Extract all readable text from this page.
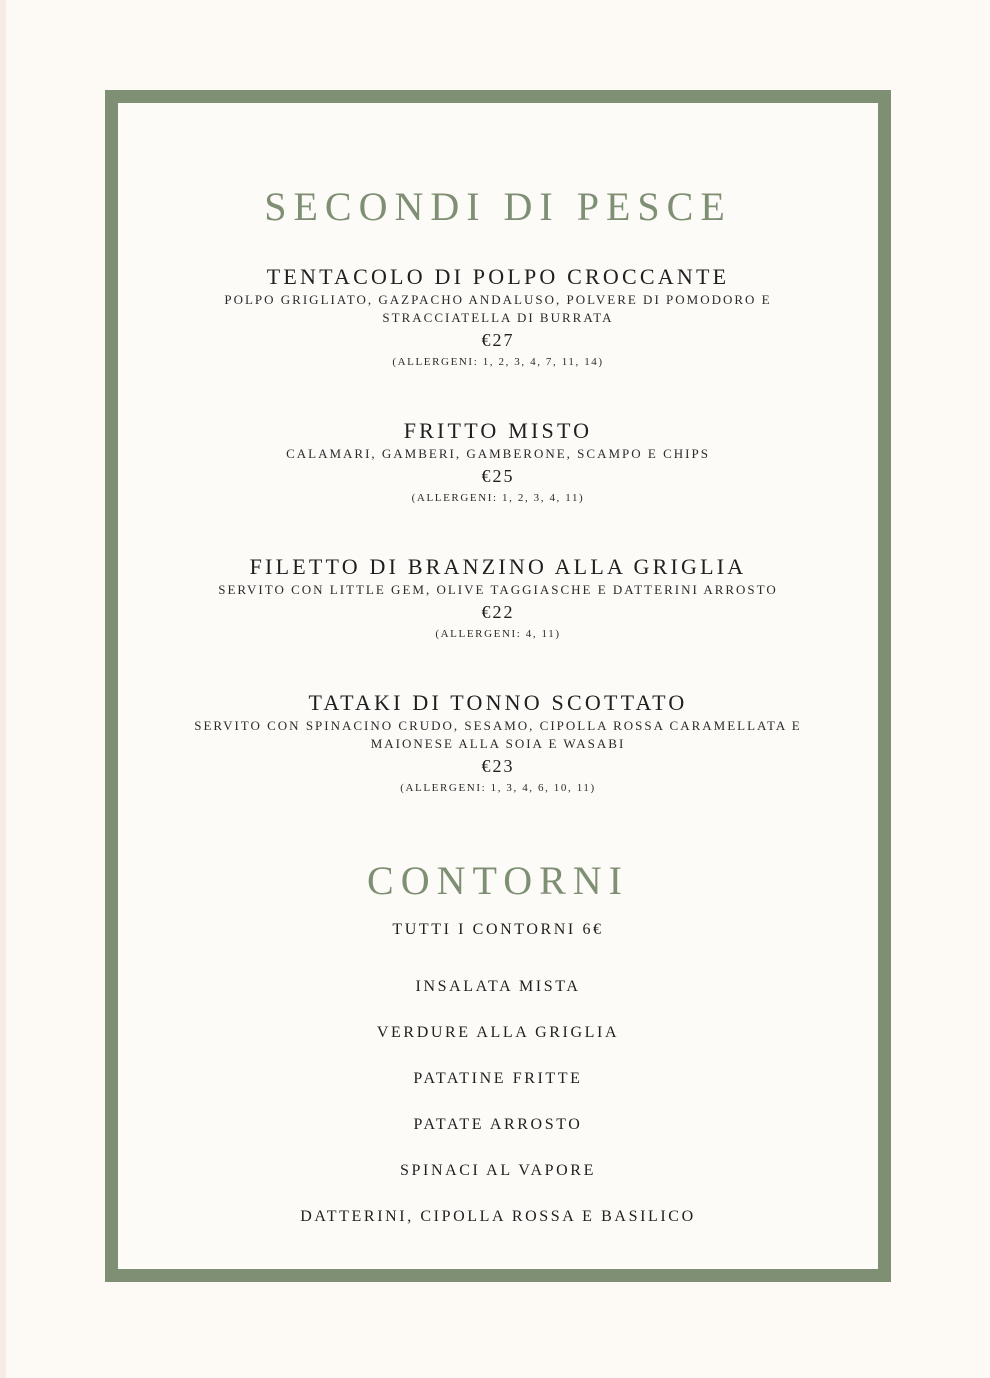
SECONDI DI PESCE

TENTACOLO DI POLPO CROCCANTE

POLPO GRIGLIATO, GAZPACHO ANDALUSO, POLVERE DI POMODORO E STRACCIATELLA DI BURRATA

€27

(ALLERGENI: 1, 2, 3, 4, 7, 11, 14)

FRITTO MISTO

CALAMARI, GAMBERI, GAMBERONE, SCAMPO E CHIPS

€25

(ALLERGENI: 1, 2, 3, 4, 11)

FILETTO DI BRANZINO ALLA GRIGLIA

SERVITO CON LITTLE GEM, OLIVE TAGGIASCHE E DATTERINI ARROSTO

€22

(ALLERGENI: 4, 11)

TATAKI DI TONNO SCOTTATO

SERVITO CON SPINACINO CRUDO, SESAMO, CIPOLLA ROSSA CARAMELLATA E MAIONESE ALLA SOIA E WASABI

€23

(ALLERGENI: 1, 3, 4, 6, 10, 11)

CONTORNI

TUTTI I CONTORNI 6€

INSALATA MISTA
VERDURE ALLA GRIGLIA
PATATINE FRITTE
PATATE ARROSTO
SPINACI AL VAPORE
DATTERINI, CIPOLLA ROSSA E BASILICO
